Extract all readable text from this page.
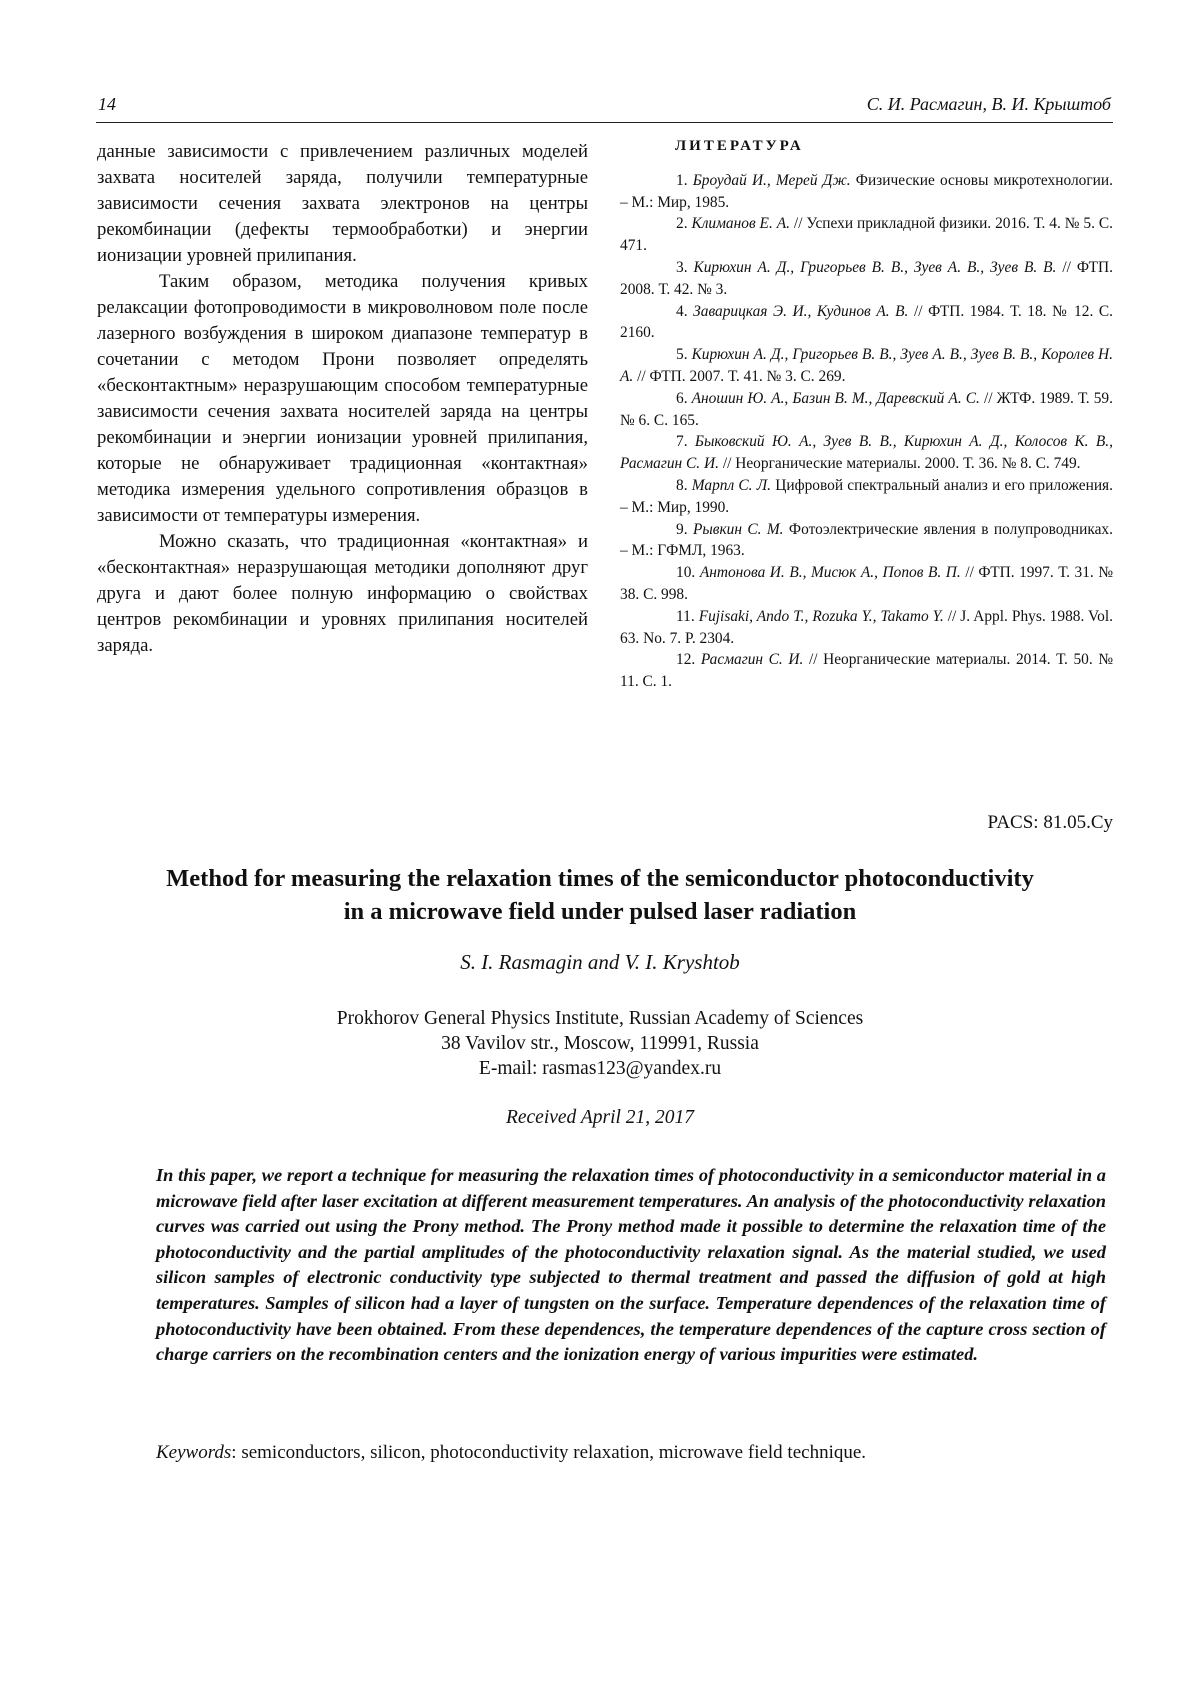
14	С. И. Расмагин, В. И. Крыштоб

данные зависимости с привлечением различных моделей захвата носителей заряда, получили температурные зависимости сечения захвата электронов на центры рекомбинации (дефекты термообработки) и энергии ионизации уровней прилипания.

Таким образом, методика получения кривых релаксации фотопроводимости в микроволновом поле после лазерного возбуждения в широком диапазоне температур в сочетании с методом Прони позволяет определять «бесконтактным» неразрушающим способом температурные зависимости сечения захвата носителей заряда на центры рекомбинации и энергии ионизации уровней прилипания, которые не обнаруживает традиционная «контактная» методика измерения удельного сопротивления образцов в зависимости от температуры измерения.

Можно сказать, что традиционная «контактная» и «бесконтактная» неразрушающая методики дополняют друг друга и дают более полную информацию о свойствах центров рекомбинации и уровнях прилипания носителей заряда.

ЛИТЕРАТУРА

1. Броудай И., Мерей Дж. Физические основы микротехнологии. – М.: Мир, 1985.

2. Климанов Е. А. // Успехи прикладной физики. 2016. Т. 4. № 5. С. 471.

3. Кирюхин А. Д., Григорьев В. В., Зуев А. В., Зуев В. В. // ФТП. 2008. Т. 42. № 3.

4. Заварицкая Э. И., Кудинов А. В. // ФТП. 1984. Т. 18. № 12. С. 2160.

5. Кирюхин А. Д., Григорьев В. В., Зуев А. В., Зуев В. В., Королев Н. А. // ФТП. 2007. Т. 41. № 3. С. 269.

6. Аношин Ю. А., Базин В. М., Даревский А. С. // ЖТФ. 1989. Т. 59. № 6. С. 165.

7. Быковский Ю. А., Зуев В. В., Кирюхин А. Д., Колосов К. В., Расмагин С. И. // Неорганические материалы. 2000. Т. 36. № 8. С. 749.

8. Марпл С. Л. Цифровой спектральный анализ и его приложения. – М.: Мир, 1990.

9. Рывкин С. М. Фотоэлектрические явления в полупроводниках. – М.: ГФМЛ, 1963.

10. Антонова И. В., Мисюк А., Попов В. П. // ФТП. 1997. Т. 31. № 38. С. 998.

11. Fujisaki, Ando T., Rozuka Y., Takamo Y. // J. Appl. Phys. 1988. Vol. 63. No. 7. P. 2304.

12. Расмагин С. И. // Неорганические материалы. 2014. Т. 50. № 11. С. 1.

PACS: 81.05.Cy
Method for measuring the relaxation times of the semiconductor photoconductivity
in a microwave field under pulsed laser radiation
S. I. Rasmagin and V. I. Kryshtob
Prokhorov General Physics Institute, Russian Academy of Sciences
38 Vavilov str., Moscow, 119991, Russia
E-mail: rasmas123@yandex.ru
Received April 21, 2017

In this paper, we report a technique for measuring the relaxation times of photoconductivity in a semiconductor material in a microwave field after laser excitation at different measurement temperatures. An analysis of the photoconductivity relaxation curves was carried out using the Prony method. The Prony method made it possible to determine the relaxation time of the photoconductivity and the partial amplitudes of the photoconductivity relaxation signal. As the material studied, we used silicon samples of electronic conductivity type subjected to thermal treatment and passed the diffusion of gold at high temperatures. Samples of silicon had a layer of tungsten on the surface. Temperature dependences of the relaxation time of photoconductivity have been obtained. From these dependences, the temperature dependences of the capture cross section of charge carriers on the recombination centers and the ionization energy of various impurities were estimated.

Keywords: semiconductors, silicon, photoconductivity relaxation, microwave field technique.
